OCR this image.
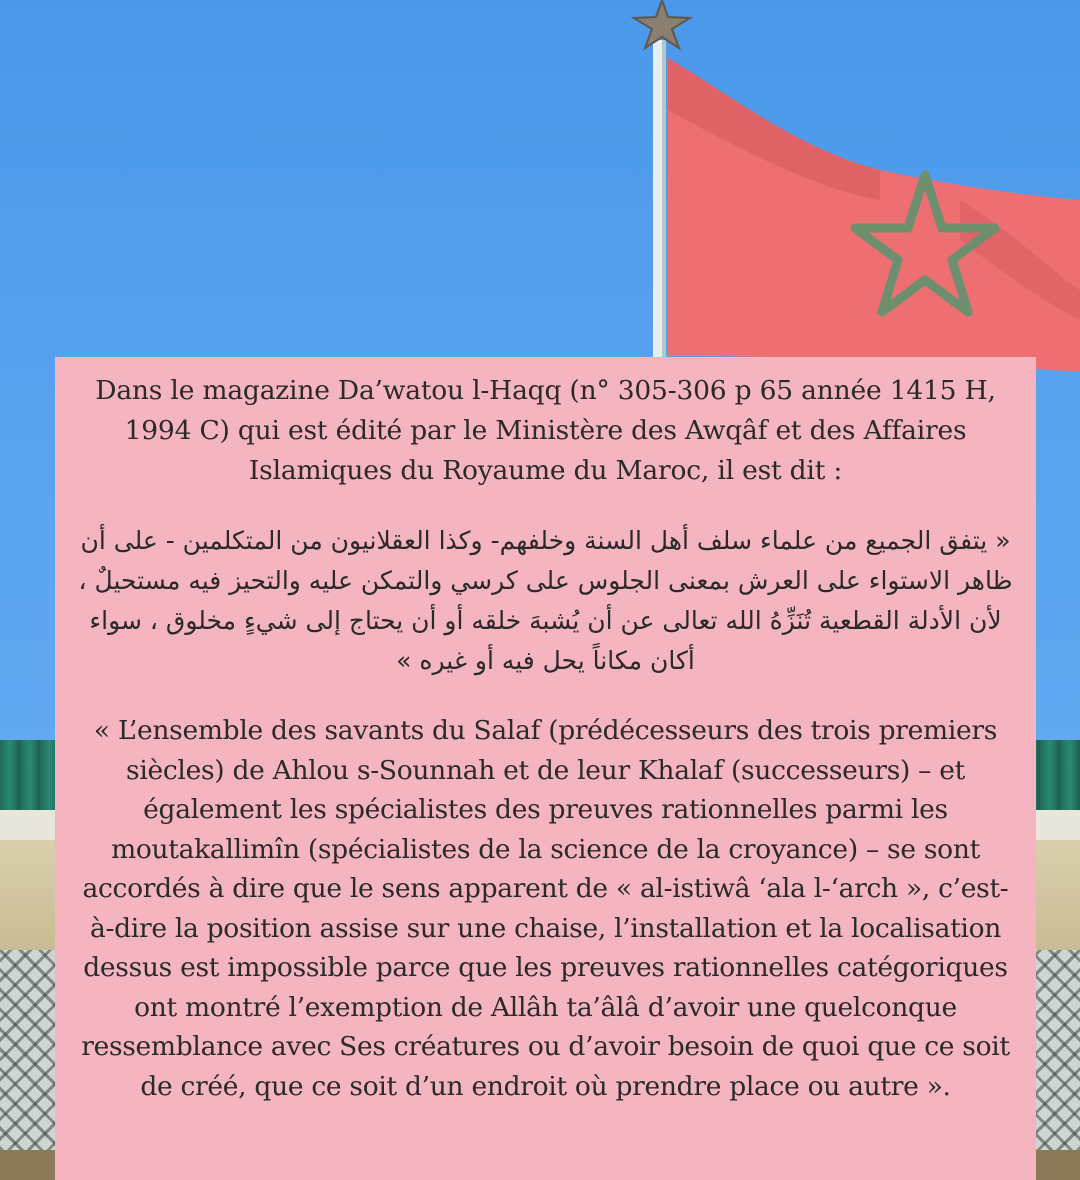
Dans le magazine Da’watou l-Haqq (n° 305-306 p 65 année 1415 H, 1994 C) qui est édité par le Ministère des Awqâf et des Affaires Islamiques du Royaume du Maroc, il est dit :

« يتفق الجميع من علماء سلف أهل السنة وخلفهم- وكذا العقلانيون من المتكلمين - على أن ظاهر الاستواء على العرش بمعنى الجلوس على كرسي والتمكن عليه والتحيز فيه مستحيلٌ ، لأن الأدلة القطعية تُنَزِّهُ الله تعالى عن أن يُشبهَ خلقه أو أن يحتاج إلى شيءٍ مخلوق ، سواء أكان مكاناً يحل فيه أو غيره »

« L’ensemble des savants du Salaf (prédécesseurs des trois premiers siècles) de Ahlou s-Sounnah et de leur Khalaf (successeurs) – et également les spécialistes des preuves rationnelles parmi les moutakallimîn (spécialistes de la science de la croyance) – se sont accordés à dire que le sens apparent de « al-istiwâ ‘ala l-‘arch », c’est-à-dire la position assise sur une chaise, l’installation et la localisation dessus est impossible parce que les preuves rationnelles catégoriques ont montré l’exemption de Allâh ta’âlâ d’avoir une quelconque ressemblance avec Ses créatures ou d’avoir besoin de quoi que ce soit de créé, que ce soit d’un endroit où prendre place ou autre ».
